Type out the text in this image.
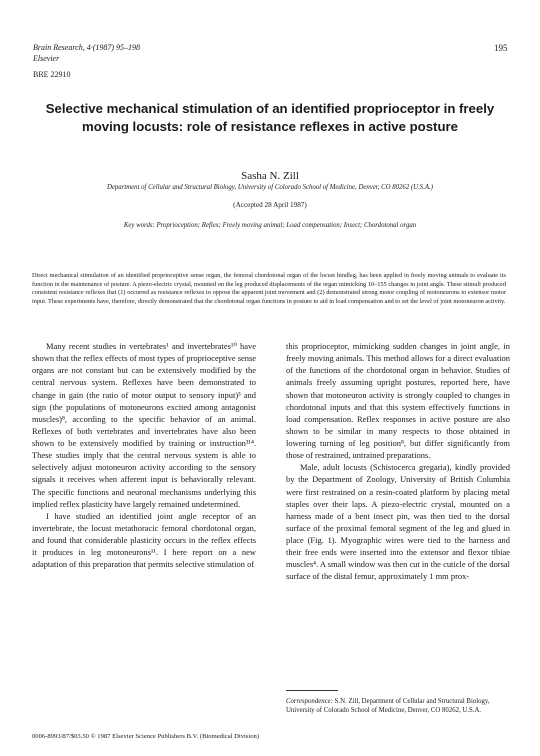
Brain Research, 4·(1987) 95–198
Elsevier
BRE 22910
195
Selective mechanical stimulation of an identified proprioceptor in freely moving locusts: role of resistance reflexes in active posture
Sasha N. Zill
Department of Cellular and Structural Biology, University of Colorado School of Medicine, Denver, CO 80262 (U.S.A.)
(Accepted 28 April 1987)
Key words: Proprioception; Reflex; Freely moving animal; Load compensation; Insect; Chordotonal organ
Direct mechanical stimulation of an identified proprioceptive sense organ, the femoral chordotonal organ of the locust hindleg, has been applied in freely moving animals to evaluate its function in the maintenance of posture. A piezo-electric crystal, mounted on the leg produced displacements of the organ mimicking 10–155 changes in joint angle. These stimuli produced consistent resistance reflexes that (1) occurred as resistance reflexes to oppose the apparent joint movement and (2) demonstrated strong motor coupling of motoneurons to extensor motor input. These experiments have, therefore, directly demonstrated that the chordotonal organ functions in posture to aid in load compensation and to set the level of joint motoneuron activity.

Many recent studies in vertebrates¹ and invertebrates¹⁰ have shown that the reflex effects of most types of proprioceptive sense organs are not constant but can be extensively modified by the central nervous system. Reflexes have been demonstrated to change in gain (the ratio of motor output to sensory input)³ and sign (the populations of motoneurons excited among antagonist muscles)⁸, according to the specific behavior of an animal. Reflexes of both vertebrates and invertebrates have also been shown to be extensively modified by training or instruction³¹⁴. These studies imply that the central nervous system is able to selectively adjust motoneuron activity according to the sensory signals it receives when afferent input is behaviorally relevant. The specific functions and neuronal mechanisms underlying this implied reflex plasticity have largely remained undetermined.

I have studied an identified joint angle receptor of an invertebrate, the locust metathoracic femoral chordotonal organ, and found that considerable plasticity occurs in the reflex effects it produces in leg motoneurons¹¹. I here report on a new adaptation of this preparation that permits selective stimulation of

this proprioceptor, mimicking sudden changes in joint angle, in freely moving animals. This method allows for a direct evaluation of the functions of the chordotonal organ in behavior. Studies of animals freely assuming upright postures, reported here, have shown that motoneuron activity is strongly coupled to changes in chordotonal inputs and that this system effectively functions in load compensation. Reflex responses in active posture are also shown to be similar in many respects to those obtained in lowering turning of leg position⁸, but differ significantly from those of restrained, untrained preparations.

Male, adult locusts (Schistocerca gregaria), kindly provided by the Department of Zoology, University of British Columbia were first restrained on a resin-coated platform by placing metal staples over their laps. A piezo-electric crystal, mounted on a harness made of a bent insect pin, was then tied to the dorsal surface of the proximal femoral segment of the leg and glued in place (Fig. 1). Myographic wires were tied to the harness and their free ends were inserted into the extensor and flexor tibiae muscles⁴. A small window was then cut in the cuticle of the dorsal surface of the distal femur, approximately 1 mm prox-

Correspondence: S.N. Zill, Department of Cellular and Structural Biology, University of Colorado School of Medicine, Denver, CO 80262, U.S.A.
0006-8993/87/$03.50 © 1987 Elsevier Science Publishers B.V. (Biomedical Division)
